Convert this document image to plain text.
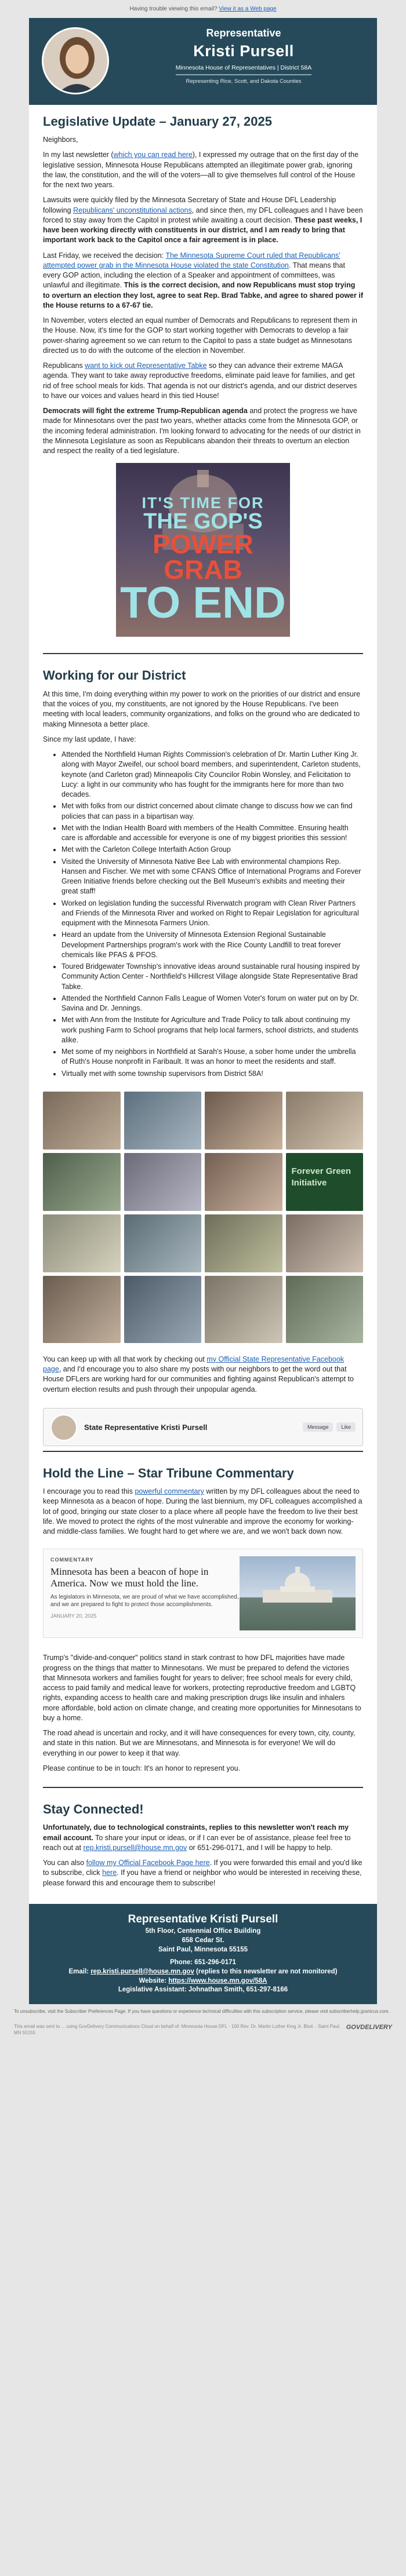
Having trouble viewing this email? View it as a Web page
Representative
Kristi Pursell
Minnesota House of Representatives | District 58A
Representing Rice, Scott, and Dakota Counties
Legislative Update – January 27, 2025

Neighbors,

In my last newsletter (which you can read here), I expressed my outrage that on the first day of the legislative session, Minnesota House Republicans attempted an illegitimate power grab, ignoring the law, the constitution, and the will of the voters—all to give themselves full control of the House for the next two years.

Lawsuits were quickly filed by the Minnesota Secretary of State and House DFL Leadership following Republicans' unconstitutional actions, and since then, my DFL colleagues and I have been forced to stay away from the Capitol in protest while awaiting a court decision. These past weeks, I have been working directly with constituents in our district, and I am ready to bring that important work back to the Capitol once a fair agreement is in place.

Last Friday, we received the decision: The Minnesota Supreme Court ruled that Republicans' attempted power grab in the Minnesota House violated the state Constitution. That means that every GOP action, including the election of a Speaker and appointment of committees, was unlawful and illegitimate. This is the correct decision, and now Republicans must stop trying to overturn an election they lost, agree to seat Rep. Brad Tabke, and agree to shared power if the House returns to a 67-67 tie.

In November, voters elected an equal number of Democrats and Republicans to represent them in the House. Now, it's time for the GOP to start working together with Democrats to develop a fair power-sharing agreement so we can return to the Capitol to pass a state budget as Minnesotans directed us to do with the outcome of the election in November.

Republicans want to kick out Representative Tabke so they can advance their extreme MAGA agenda. They want to take away reproductive freedoms, eliminate paid leave for families, and get rid of free school meals for kids. That agenda is not our district's agenda, and our district deserves to have our voices and values heard in this tied House!

Democrats will fight the extreme Trump-Republican agenda and protect the progress we have made for Minnesotans over the past two years, whether attacks come from the Minnesota GOP, or the incoming federal administration. I'm looking forward to advocating for the needs of our district in the Minnesota Legislature as soon as Republicans abandon their threats to overturn an election and respect the reality of a tied legislature.

IT'S TIME FOR
THE GOP'S
POWER GRAB
TO END
Working for our District

At this time, I'm doing everything within my power to work on the priorities of our district and ensure that the voices of you, my constituents, are not ignored by the House Republicans. I've been meeting with local leaders, community organizations, and folks on the ground who are dedicated to making Minnesota a better place.

Since my last update, I have:

• Attended the Northfield Human Rights Commission's celebration of Dr. Martin Luther King Jr. along with Mayor Zweifel, our school board members, and superintendent, Carleton students, keynote (and Carleton grad) Minneapolis City Councilor Robin Wonsley, and Felicitation to Lucy: a light in our community who has fought for the immigrants here for more than two decades.
• Met with folks from our district concerned about climate change to discuss how we can find policies that can pass in a bipartisan way.
• Met with the Indian Health Board with members of the Health Committee. Ensuring health care is affordable and accessible for everyone is one of my biggest priorities this session!
• Met with the Carleton College Interfaith Action Group
• Visited the University of Minnesota Native Bee Lab with environmental champions Rep. Hansen and Fischer. We met with some CFANS Office of International Programs and Forever Green Initiative friends before checking out the Bell Museum's exhibits and meeting their great staff!
• Worked on legislation funding the successful Riverwatch program with Clean River Partners and Friends of the Minnesota River and worked on Right to Repair Legislation for agricultural equipment with the Minnesota Farmers Union.
• Heard an update from the University of Minnesota Extension Regional Sustainable Development Partnerships program's work with the Rice County Landfill to treat forever chemicals like PFAS & PFOS.
• Toured Bridgewater Township's innovative ideas around sustainable rural housing inspired by Community Action Center - Northfield's Hillcrest Village alongside State Representative Brad Tabke.
• Attended the Northfield Cannon Falls League of Women Voter's forum on water put on by Dr. Savina and Dr. Jennings.
• Met with Ann from the Institute for Agriculture and Trade Policy to talk about continuing my work pushing Farm to School programs that help local farmers, school districts, and students alike.
• Met some of my neighbors in Northfield at Sarah's House, a sober home under the umbrella of Ruth's House nonprofit in Faribault. It was an honor to meet the residents and staff.
• Virtually met with some township supervisors from District 58A!
Forever Green Initiative

You can keep up with all that work by checking out my Official State Representative Facebook page, and I'd encourage you to also share my posts with our neighbors to get the word out that House DFLers are working hard for our communities and fighting against Republican's attempt to overturn election results and push through their unpopular agenda.

State Representative Kristi Pursell	Message	Like
Hold the Line – Star Tribune Commentary

I encourage you to read this powerful commentary written by my DFL colleagues about the need to keep Minnesota as a beacon of hope. During the last biennium, my DFL colleagues accomplished a lot of good, bringing our state closer to a place where all people have the freedom to live their best life. We moved to protect the rights of the most vulnerable and improve the economy for working- and middle-class families. We fought hard to get where we are, and we won't back down now.

COMMENTARY
Minnesota has been a beacon of hope in America. Now we must hold the line.
As legislators in Minnesota, we are proud of what we have accomplished, and we are prepared to fight to protect those accomplishments.
JANUARY 20, 2025

Trump's "divide-and-conquer" politics stand in stark contrast to how DFL majorities have made progress on the things that matter to Minnesotans. We must be prepared to defend the victories that Minnesota workers and families fought for years to deliver; free school meals for every child, access to paid family and medical leave for workers, protecting reproductive freedom and LGBTQ rights, expanding access to health care and making prescription drugs like insulin and inhalers more affordable, bold action on climate change, and creating more opportunities for Minnesotans to buy a home.

The road ahead is uncertain and rocky, and it will have consequences for every town, city, county, and state in this nation. But we are Minnesotans, and Minnesota is for everyone! We will do everything in our power to keep it that way.

Please continue to be in touch: It's an honor to represent you.

Stay Connected!

Unfortunately, due to technological constraints, replies to this newsletter won't reach my email account. To share your input or ideas, or if I can ever be of assistance, please feel free to reach out at rep.kristi.pursell@house.mn.gov or 651-296-0171, and I will be happy to help.

You can also follow my Official Facebook Page here. If you were forwarded this email and you'd like to subscribe, click here. If you have a friend or neighbor who would be interested in receiving these, please forward this and encourage them to subscribe!

Representative Kristi Pursell
5th Floor, Centennial Office Building
658 Cedar St.
Saint Paul, Minnesota 55155
Phone: 651-296-0171
Email: rep.kristi.pursell@house.mn.gov (replies to this newsletter are not monitored)
Website: https://www.house.mn.gov/58A
Legislative Assistant: Johnathan Smith, 651-297-8166
To unsubscribe, visit the Subscriber Preferences Page. If you have questions or experience technical difficulties with this subscription service, please visit subscriberhelp.granicus.com.
This email was sent to ... using GovDelivery Communications Cloud on behalf of: Minnesota House DFL · 100 Rev. Dr. Martin Luther King Jr. Blvd. · Saint Paul, MN 55155
GOVDELIVERY
